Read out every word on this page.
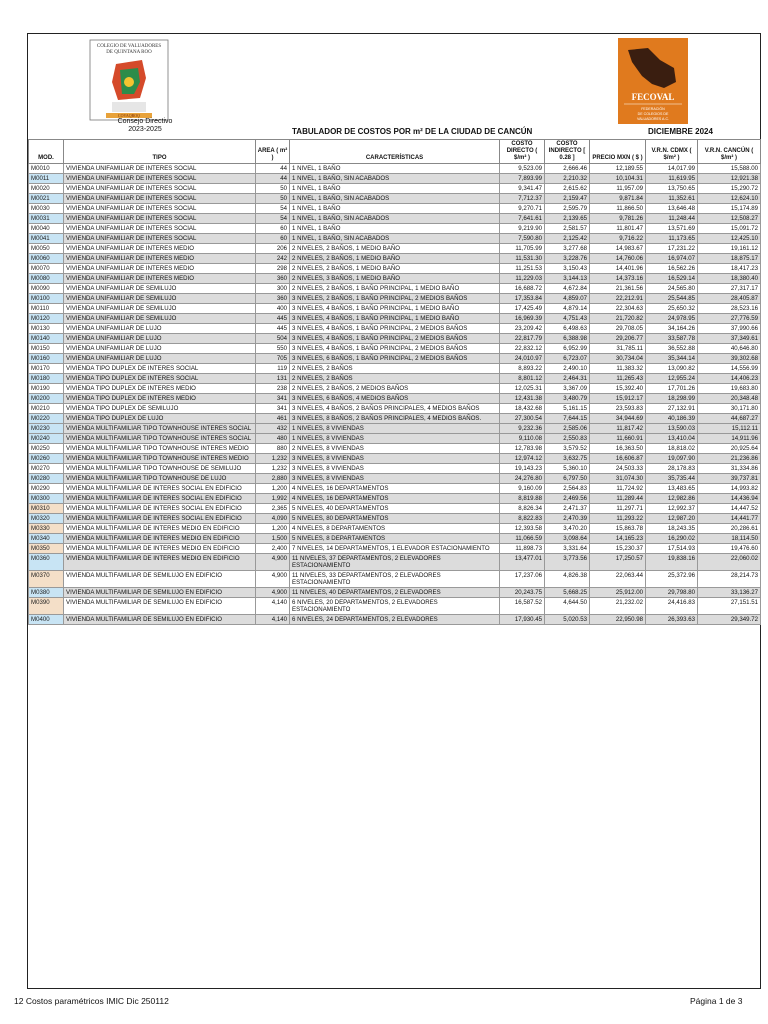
COLEGIO DE VALUADORES
DE QUINTANA ROO
COVAQROO
Consejo Directivo
2023-2025	TABULADOR DE COSTOS POR m² DE LA CIUDAD DE CANCÚN
FECOVAL
FEDERACIÓN
DE COLEGIOS DE
VALUADORES A.C.
DICIEMBRE 2024
MOD.	TIPO	AREA ( m² )	CARACTERÍSTICAS	COSTO DIRECTO ( $/m² )	COSTO INDIRECTO [ 0.28 ]	PRECIO MXN ( $ )	V.R.N. CDMX ( $/m² )	V.R.N. CANCÚN ( $/m² )
M0010	VIVIENDA UNIFAMILIAR DE INTERES SOCIAL	44	1 NIVEL, 1 BAÑO	9,523.09	2,666.46	12,189.55	14,017.99	15,588.00
M0011	VIVIENDA UNIFAMILIAR DE INTERES SOCIAL	44	1 NIVEL, 1 BAÑO, SIN ACABADOS	7,893.99	2,210.32	10,104.31	11,619.95	12,921.38
M0020	VIVIENDA UNIFAMILIAR DE INTERES SOCIAL	50	1 NIVEL, 1 BAÑO	9,341.47	2,615.62	11,957.09	13,750.65	15,290.72
M0021	VIVIENDA UNIFAMILIAR DE INTERES SOCIAL	50	1 NIVEL, 1 BAÑO, SIN ACABADOS	7,712.37	2,159.47	9,871.84	11,352.61	12,624.10
M0030	VIVIENDA UNIFAMILIAR DE INTERES SOCIAL	54	1 NIVEL, 1 BAÑO	9,270.71	2,595.79	11,866.50	13,646.48	15,174.89
M0031	VIVIENDA UNIFAMILIAR DE INTERES SOCIAL	54	1 NIVEL, 1 BAÑO, SIN ACABADOS	7,641.61	2,139.65	9,781.26	11,248.44	12,508.27
M0040	VIVIENDA UNIFAMILIAR DE INTERES SOCIAL	60	1 NIVEL, 1 BAÑO	9,219.90	2,581.57	11,801.47	13,571.69	15,091.72
M0041	VIVIENDA UNIFAMILIAR DE INTERES SOCIAL	60	1 NIVEL, 1 BAÑO, SIN ACABADOS	7,590.80	2,125.42	9,716.22	11,173.65	12,425.10
M0050	VIVIENDA UNIFAMILIAR DE INTERES MEDIO	206	2 NIVELES, 2 BAÑOS, 1 MEDIO BAÑO	11,705.99	3,277.68	14,983.67	17,231.22	19,161.12
M0060	VIVIENDA UNIFAMILIAR DE INTERES MEDIO	242	2 NIVELES, 2 BAÑOS, 1 MEDIO BAÑO	11,531.30	3,228.76	14,760.06	16,974.07	18,875.17
M0070	VIVIENDA UNIFAMILIAR DE INTERES MEDIO	298	2 NIVELES, 2 BAÑOS, 1 MEDIO BAÑO	11,251.53	3,150.43	14,401.96	16,562.26	18,417.23
M0080	VIVIENDA UNIFAMILIAR DE INTERES MEDIO	360	2 NIVELES, 3 BAÑOS, 1 MEDIO BAÑO	11,229.03	3,144.13	14,373.16	16,529.14	18,380.40
M0090	VIVIENDA UNIFAMILIAR DE SEMILUJO	300	2 NIVELES, 2 BAÑOS, 1 BAÑO PRINCIPAL, 1 MEDIO BAÑO	16,688.72	4,672.84	21,361.56	24,565.80	27,317.17
M0100	VIVIENDA UNIFAMILIAR DE SEMILUJO	360	3 NIVELES, 2 BAÑOS, 1 BAÑO PRINCIPAL, 2 MEDIOS BAÑOS	17,353.84	4,859.07	22,212.91	25,544.85	28,405.87
M0110	VIVIENDA UNIFAMILIAR DE SEMILUJO	400	3 NIVELES, 4 BAÑOS, 1 BAÑO PRINCIPAL, 1 MEDIO BAÑO	17,425.49	4,879.14	22,304.63	25,650.32	28,523.16
M0120	VIVIENDA UNIFAMILIAR DE SEMILUJO	445	3 NIVELES, 4 BAÑOS, 1 BAÑO PRINCIPAL, 1 MEDIO BAÑO	16,969.39	4,751.43	21,720.82	24,978.95	27,776.59
M0130	VIVIENDA UNIFAMILIAR DE LUJO	445	3 NIVELES, 4 BAÑOS, 1 BAÑO PRINCIPAL, 2 MEDIOS BAÑOS	23,209.42	6,498.63	29,708.05	34,164.26	37,990.66
M0140	VIVIENDA UNIFAMILIAR DE LUJO	504	3 NIVELES, 4 BAÑOS, 1 BAÑO PRINCIPAL, 2 MEDIOS BAÑOS	22,817.79	6,388.98	29,206.77	33,587.78	37,349.61
M0150	VIVIENDA UNIFAMILIAR DE LUJO	550	3 NIVELES, 4 BAÑOS, 1 BAÑO PRINCIPAL, 2 MEDIOS BAÑOS	22,832.12	6,952.99	31,785.11	36,552.88	40,646.80
M0160	VIVIENDA UNIFAMILIAR DE LUJO	705	3 NIVELES, 6 BAÑOS, 1 BAÑO PRINCIPAL, 2 MEDIOS BAÑOS	24,010.97	6,723.07	30,734.04	35,344.14	39,302.68
M0170	VIVIENDA TIPO DUPLEX DE INTERES SOCIAL	119	2 NIVELES, 2 BAÑOS	8,893.22	2,490.10	11,383.32	13,090.82	14,556.99
M0180	VIVIENDA TIPO DUPLEX DE INTERES SOCIAL	131	2 NIVELES, 2 BAÑOS	8,801.12	2,464.31	11,265.43	12,955.24	14,406.23
M0190	VIVIENDA TIPO DUPLEX DE INTERES MEDIO	238	2 NIVELES, 2 BAÑOS, 2 MEDIOS BAÑOS	12,025.31	3,367.09	15,392.40	17,701.26	19,683.80
M0200	VIVIENDA TIPO DUPLEX DE INTERES MEDIO	341	3 NIVELES, 6 BAÑOS, 4 MEDIOS BAÑOS	12,431.38	3,480.79	15,912.17	18,298.99	20,348.48
M0210	VIVIENDA TIPO DUPLEX DE SEMILUJO	341	3 NIVELES, 4 BAÑOS, 2 BAÑOS PRINCIPALES, 4 MEDIOS BAÑOS	18,432.68	5,161.15	23,593.83	27,132.91	30,171.80
M0220	VIVIENDA TIPO DUPLEX DE LUJO	461	3 NIVELES, 8 BAÑOS, 2 BAÑOS PRINCIPALES, 4 MEDIOS BAÑOS.	27,300.54	7,644.15	34,944.69	40,186.39	44,687.27
M0230	VIVIENDA MULTIFAMILIAR TIPO TOWNHOUSE INTERES SOCIAL	432	1 NIVELES, 8 VIVIENDAS	9,232.36	2,585.06	11,817.42	13,590.03	15,112.11
M0240	VIVIENDA MULTIFAMILIAR TIPO TOWNHOUSE INTERES SOCIAL	480	1 NIVELES, 8 VIVIENDAS	9,110.08	2,550.83	11,660.91	13,410.04	14,911.96
M0250	VIVIENDA MULTIFAMILIAR TIPO TOWNHOUSE INTERES MEDIO	880	2 NIVELES, 8 VIVIENDAS	12,783.98	3,579.52	16,363.50	18,818.02	20,925.64
M0260	VIVIENDA MULTIFAMILIAR TIPO TOWNHOUSE INTERES MEDIO	1,232	3 NIVELES, 8 VIVIENDAS	12,974.12	3,632.75	16,606.87	19,097.90	21,236.86
M0270	VIVIENDA MULTIFAMILIAR TIPO TOWNHOUSE DE SEMILUJO	1,232	3 NIVELES, 8 VIVIENDAS	19,143.23	5,360.10	24,503.33	28,178.83	31,334.86
M0280	VIVIENDA MULTIFAMILIAR TIPO TOWNHOUSE DE LUJO	2,880	3 NIVELES, 8 VIVIENDAS	24,276.80	6,797.50	31,074.30	35,735.44	39,737.81
M0290	VIVIENDA MULTIFAMILIAR DE INTERES SOCIAL EN EDIFICIO	1,200	4 NIVELES, 16 DEPARTAMENTOS	9,160.09	2,564.83	11,724.92	13,483.65	14,993.82
M0300	VIVIENDA MULTIFAMILIAR DE INTERES SOCIAL EN EDIFICIO	1,992	4 NIVELES, 16 DEPARTAMENTOS	8,819.88	2,469.56	11,289.44	12,982.86	14,436.94
M0310	VIVIENDA MULTIFAMILIAR DE INTERES SOCIAL EN EDIFICIO	2,365	5 NIVELES, 40 DEPARTAMENTOS	8,826.34	2,471.37	11,297.71	12,992.37	14,447.52
M0320	VIVIENDA MULTIFAMILIAR DE INTERES SOCIAL EN EDIFICIO	4,090	5 NIVELES, 80 DEPARTAMENTOS	8,822.83	2,470.39	11,293.22	12,987.20	14,441.77
M0330	VIVIENDA MULTIFAMILIAR DE INTERES MEDIO EN EDIFICIO	1,200	4 NIVELES, 8 DEPARTAMENTOS	12,393.58	3,470.20	15,863.78	18,243.35	20,286.61
M0340	VIVIENDA MULTIFAMILIAR DE INTERES MEDIO EN EDIFICIO	1,500	5 NIVELES, 8 DEPARTAMENTOS	11,066.59	3,098.64	14,165.23	16,290.02	18,114.50
M0350	VIVIENDA MULTIFAMILIAR DE INTERES MEDIO EN EDIFICIO	2,400	7 NIVELES, 14 DEPARTAMENTOS, 1 ELEVADOR ESTACIONAMIENTO	11,898.73	3,331.64	15,230.37	17,514.93	19,476.60
M0360	VIVIENDA MULTIFAMILIAR DE INTERES MEDIO EN EDIFICIO	4,900	11 NIVELES, 37 DEPARTAMENTOS, 2 ELEVADORES ESTACIONAMIENTO	13,477.01	3,773.56	17,250.57	19,838.16	22,060.02
M0370	VIVIENDA MULTIFAMILIAR DE SEMILUJO EN EDIFICIO	4,900	11 NIVELES, 33 DEPARTAMENTOS, 2 ELEVADORES ESTACIONAMIENTO	17,237.06	4,826.38	22,063.44	25,372.96	28,214.73
M0380	VIVIENDA MULTIFAMILIAR DE SEMILUJO EN EDIFICIO	4,900	11 NIVELES, 40 DEPARTAMENTOS, 2 ELEVADORES	20,243.75	5,668.25	25,912.00	29,798.80	33,136.27
M0390	VIVIENDA MULTIFAMILIAR DE SEMILUJO EN EDIFICIO	4,140	6 NIVELES, 20 DEPARTAMENTOS, 2 ELEVADORES ESTACIONAMIENTO	16,587.52	4,644.50	21,232.02	24,416.83	27,151.51
M0400	VIVIENDA MULTIFAMILIAR DE SEMILUJO EN EDIFICIO	4,140	6 NIVELES, 24 DEPARTAMENTOS, 2 ELEVADORES	17,930.45	5,020.53	22,950.98	26,393.63	29,349.72
12 Costos paramétricos IMIC Dic 250112	Página 1 de 3
